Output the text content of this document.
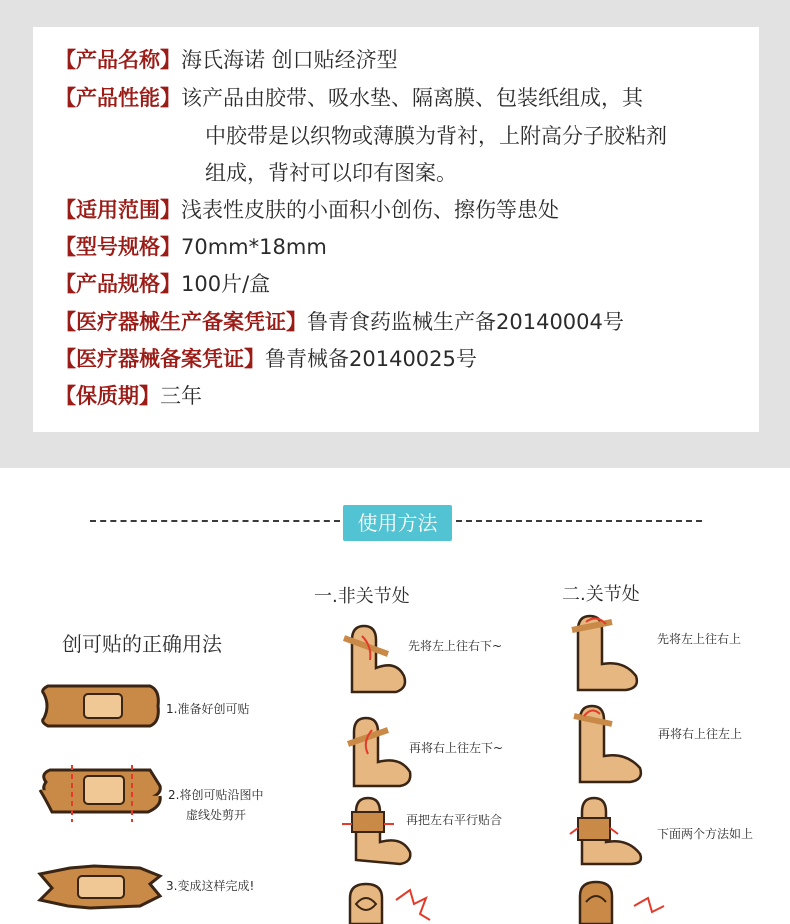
【产品名称】海氏海诺 创口贴经济型
【产品性能】该产品由胶带、吸水垫、隔离膜、包装纸组成，其
中胶带是以织物或薄膜为背衬，上附高分子胶粘剂
组成，背衬可以印有图案。
【适用范围】浅表性皮肤的小面积小创伤、擦伤等患处
【型号规格】70mm*18mm
【产品规格】100片/盒
【医疗器械生产备案凭证】鲁青食药监械生产备20140004号
【医疗器械备案凭证】鲁青械备20140025号
【保质期】三年
使用方法
创可贴的正确用法
1.准备好创可贴
2.将创可贴沿图中
虚线处剪开
3.变成这样完成!
一.非关节处
先将左上往右下~
再将右上往左下~
再把左右平行贴合
二.关节处
先将左上往右上
再将右上往左上
下面两个方法如上
